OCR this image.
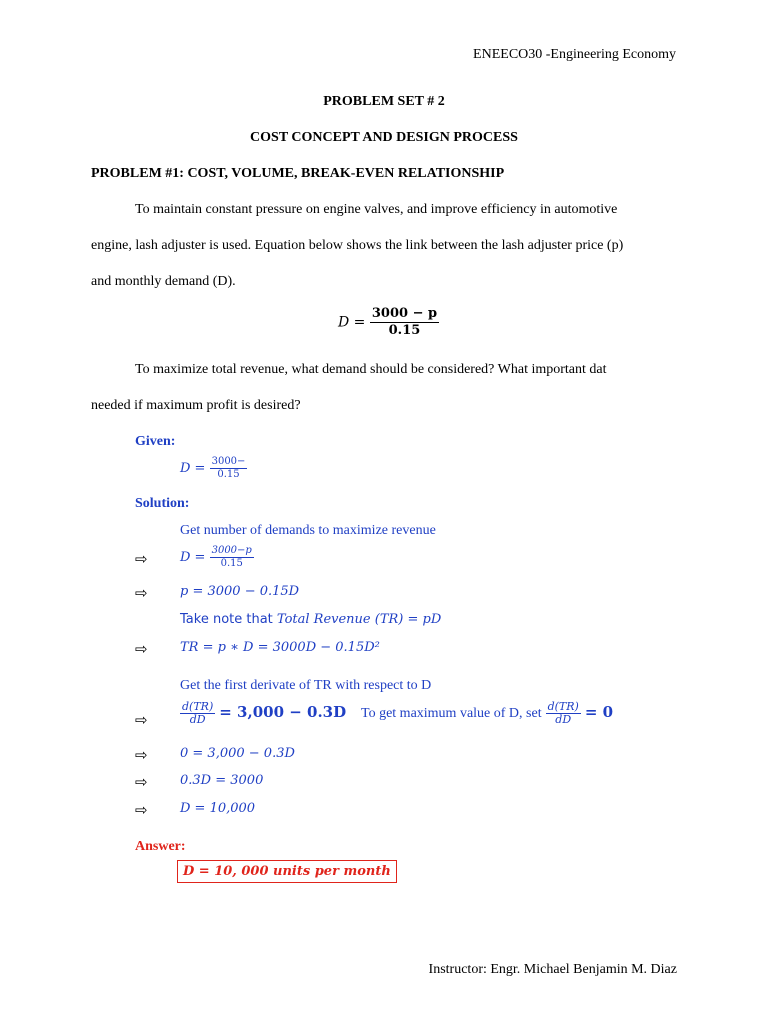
ENEECO30 -Engineering Economy
PROBLEM SET # 2
COST CONCEPT AND DESIGN PROCESS
PROBLEM #1: COST, VOLUME, BREAK-EVEN RELATIONSHIP
To maintain constant pressure on engine valves, and improve efficiency in automotive
engine, lash adjuster is used. Equation below shows the link between the lash adjuster price (p)
and monthly demand (D).
$D = \frac{3000 - p}{0.15}$
To maximize total revenue, what demand should be considered? What important dat
needed if maximum profit is desired?
Given:
$D = \frac{3000-}{0.15}$
Solution:
Get number of demands to maximize revenue
⇨ $D = \frac{3000-p}{0.15}$
⇨ p = 3000 − 0.15D
Take note that Total Revenue (TR) = pD
⇨ TR = p ∗ D = 3000D − 0.15D²
Get the first derivate of TR with respect to D
⇨	$\frac{d(TR)}{dD} = 3,000 - 0.3D$ To get maximum value of D, set $\frac{d(TR)}{dD} = 0$
⇨ 0 = 3,000 − 0.3D
⇨ 0.3D = 3000
⇨ D = 10,000
Answer:
D = 10, 000 units per month
Instructor: Engr. Michael Benjamin M. Diaz
